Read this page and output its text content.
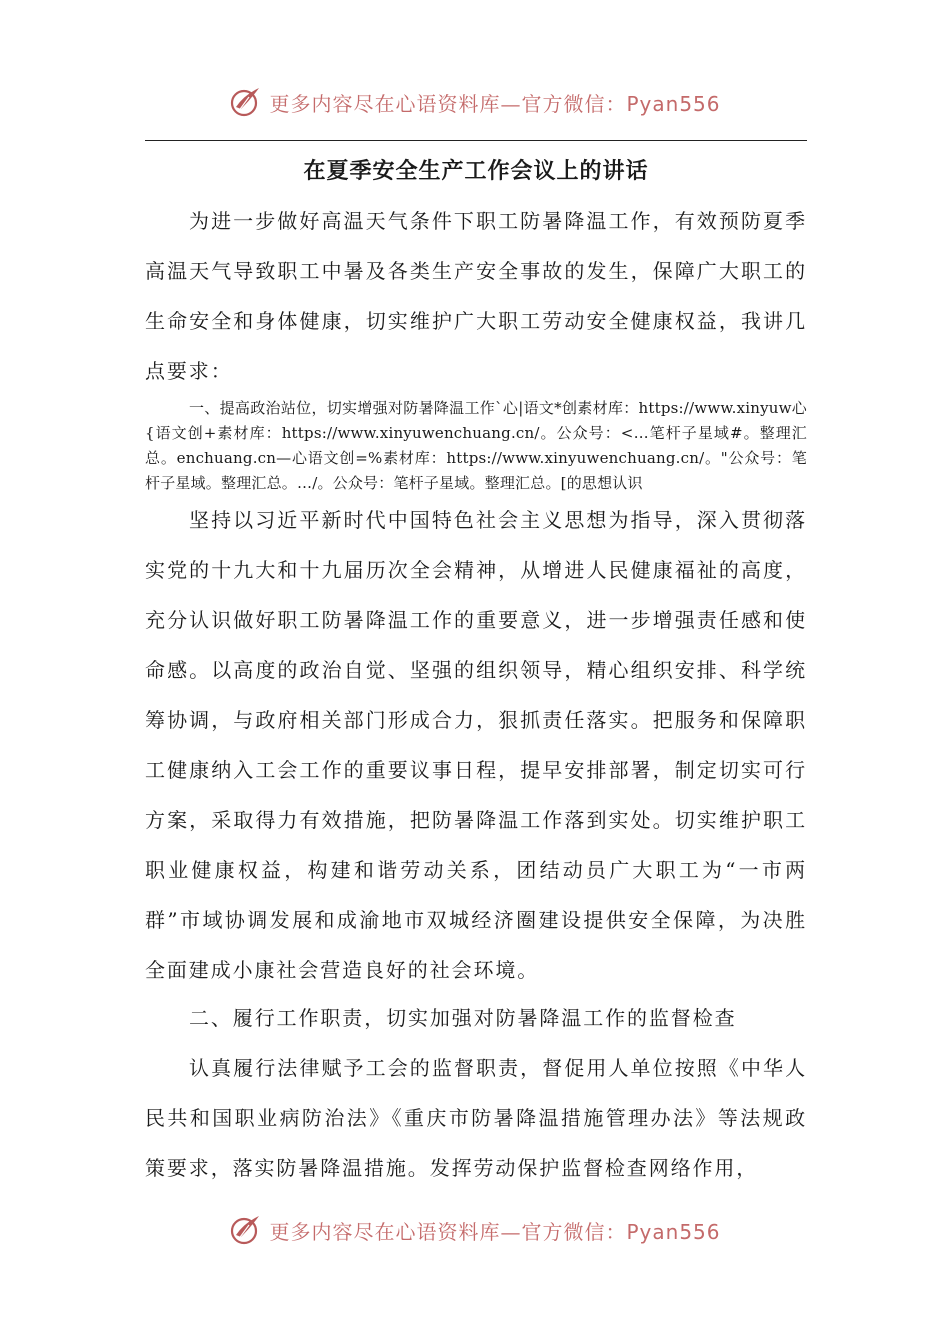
更多内容尽在心语资料库—官方微信：Pyan556
在夏季安全生产工作会议上的讲话

为进一步做好高温天气条件下职工防暑降温工作，有效预防夏季高温天气导致职工中暑及各类生产安全事故的发生，保障广大职工的生命安全和身体健康，切实维护广大职工劳动安全健康权益，我讲几点要求：

一、提高政治站位，切实增强对防暑降温工作`心|语文*创素材库：https://www.xinyuw心{语文创+素材库：https://www.xinyuwenchuang.cn/。公众号：<…笔杆子星域#。整理汇总。enchuang.cn—心语文创=%素材库：https://www.xinyuwenchuang.cn/。"公众号：笔杆子星域。整理汇总。…/。公众号：笔杆子星域。整理汇总。[的思想认识

坚持以习近平新时代中国特色社会主义思想为指导，深入贯彻落实党的十九大和十九届历次全会精神，从增进人民健康福祉的高度，充分认识做好职工防暑降温工作的重要意义，进一步增强责任感和使命感。以高度的政治自觉、坚强的组织领导，精心组织安排、科学统筹协调，与政府相关部门形成合力，狠抓责任落实。把服务和保障职工健康纳入工会工作的重要议事日程，提早安排部署，制定切实可行方案，采取得力有效措施，把防暑降温工作落到实处。切实维护职工职业健康权益，构建和谐劳动关系，团结动员广大职工为“一市两群”市域协调发展和成渝地市双城经济圈建设提供安全保障，为决胜全面建成小康社会营造良好的社会环境。

二、履行工作职责，切实加强对防暑降温工作的监督检查

认真履行法律赋予工会的监督职责，督促用人单位按照《中华人民共和国职业病防治法》《重庆市防暑降温措施管理办法》等法规政策要求，落实防暑降温措施。发挥劳动保护监督检查网络作用，

更多内容尽在心语资料库—官方微信：Pyan556
